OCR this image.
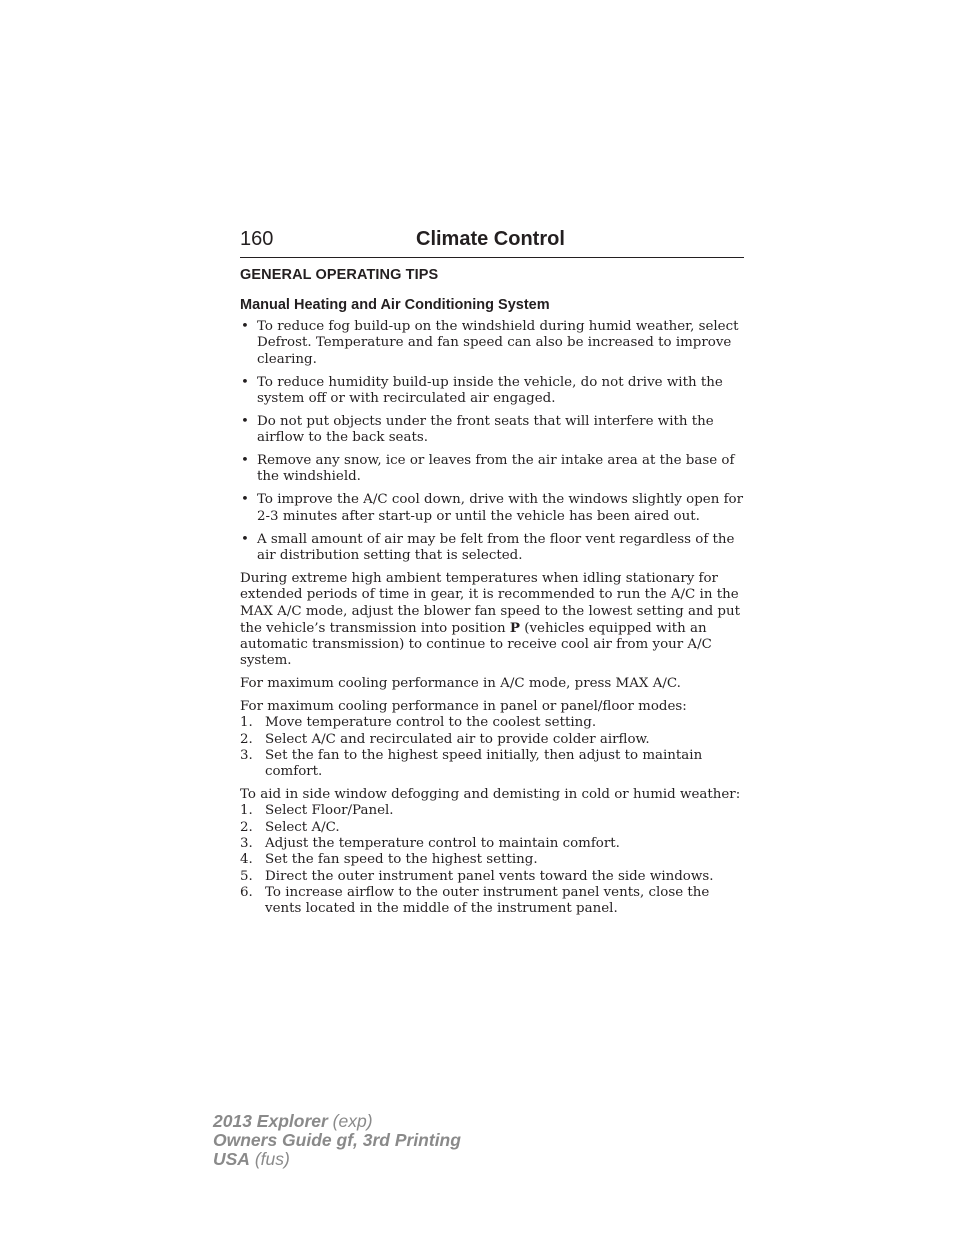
160	Climate Control
GENERAL OPERATING TIPS
Manual Heating and Air Conditioning System
• To reduce fog build-up on the windshield during humid weather, select Defrost. Temperature and fan speed can also be increased to improve clearing.
• To reduce humidity build-up inside the vehicle, do not drive with the system off or with recirculated air engaged.
• Do not put objects under the front seats that will interfere with the airflow to the back seats.
• Remove any snow, ice or leaves from the air intake area at the base of the windshield.
• To improve the A/C cool down, drive with the windows slightly open for 2-3 minutes after start-up or until the vehicle has been aired out.
• A small amount of air may be felt from the floor vent regardless of the air distribution setting that is selected.

During extreme high ambient temperatures when idling stationary for extended periods of time in gear, it is recommended to run the A/C in the MAX A/C mode, adjust the blower fan speed to the lowest setting and put the vehicle’s transmission into position P (vehicles equipped with an automatic transmission) to continue to receive cool air from your A/C system.

For maximum cooling performance in A/C mode, press MAX A/C.

For maximum cooling performance in panel or panel/floor modes:

1. Move temperature control to the coolest setting.
2. Select A/C and recirculated air to provide colder airflow.
3. Set the fan to the highest speed initially, then adjust to maintain comfort.

To aid in side window defogging and demisting in cold or humid weather:

1. Select Floor/Panel.
2. Select A/C.
3. Adjust the temperature control to maintain comfort.
4. Set the fan speed to the highest setting.
5. Direct the outer instrument panel vents toward the side windows.
6. To increase airflow to the outer instrument panel vents, close the vents located in the middle of the instrument panel.
2013 Explorer (exp)
Owners Guide gf, 3rd Printing
USA (fus)
